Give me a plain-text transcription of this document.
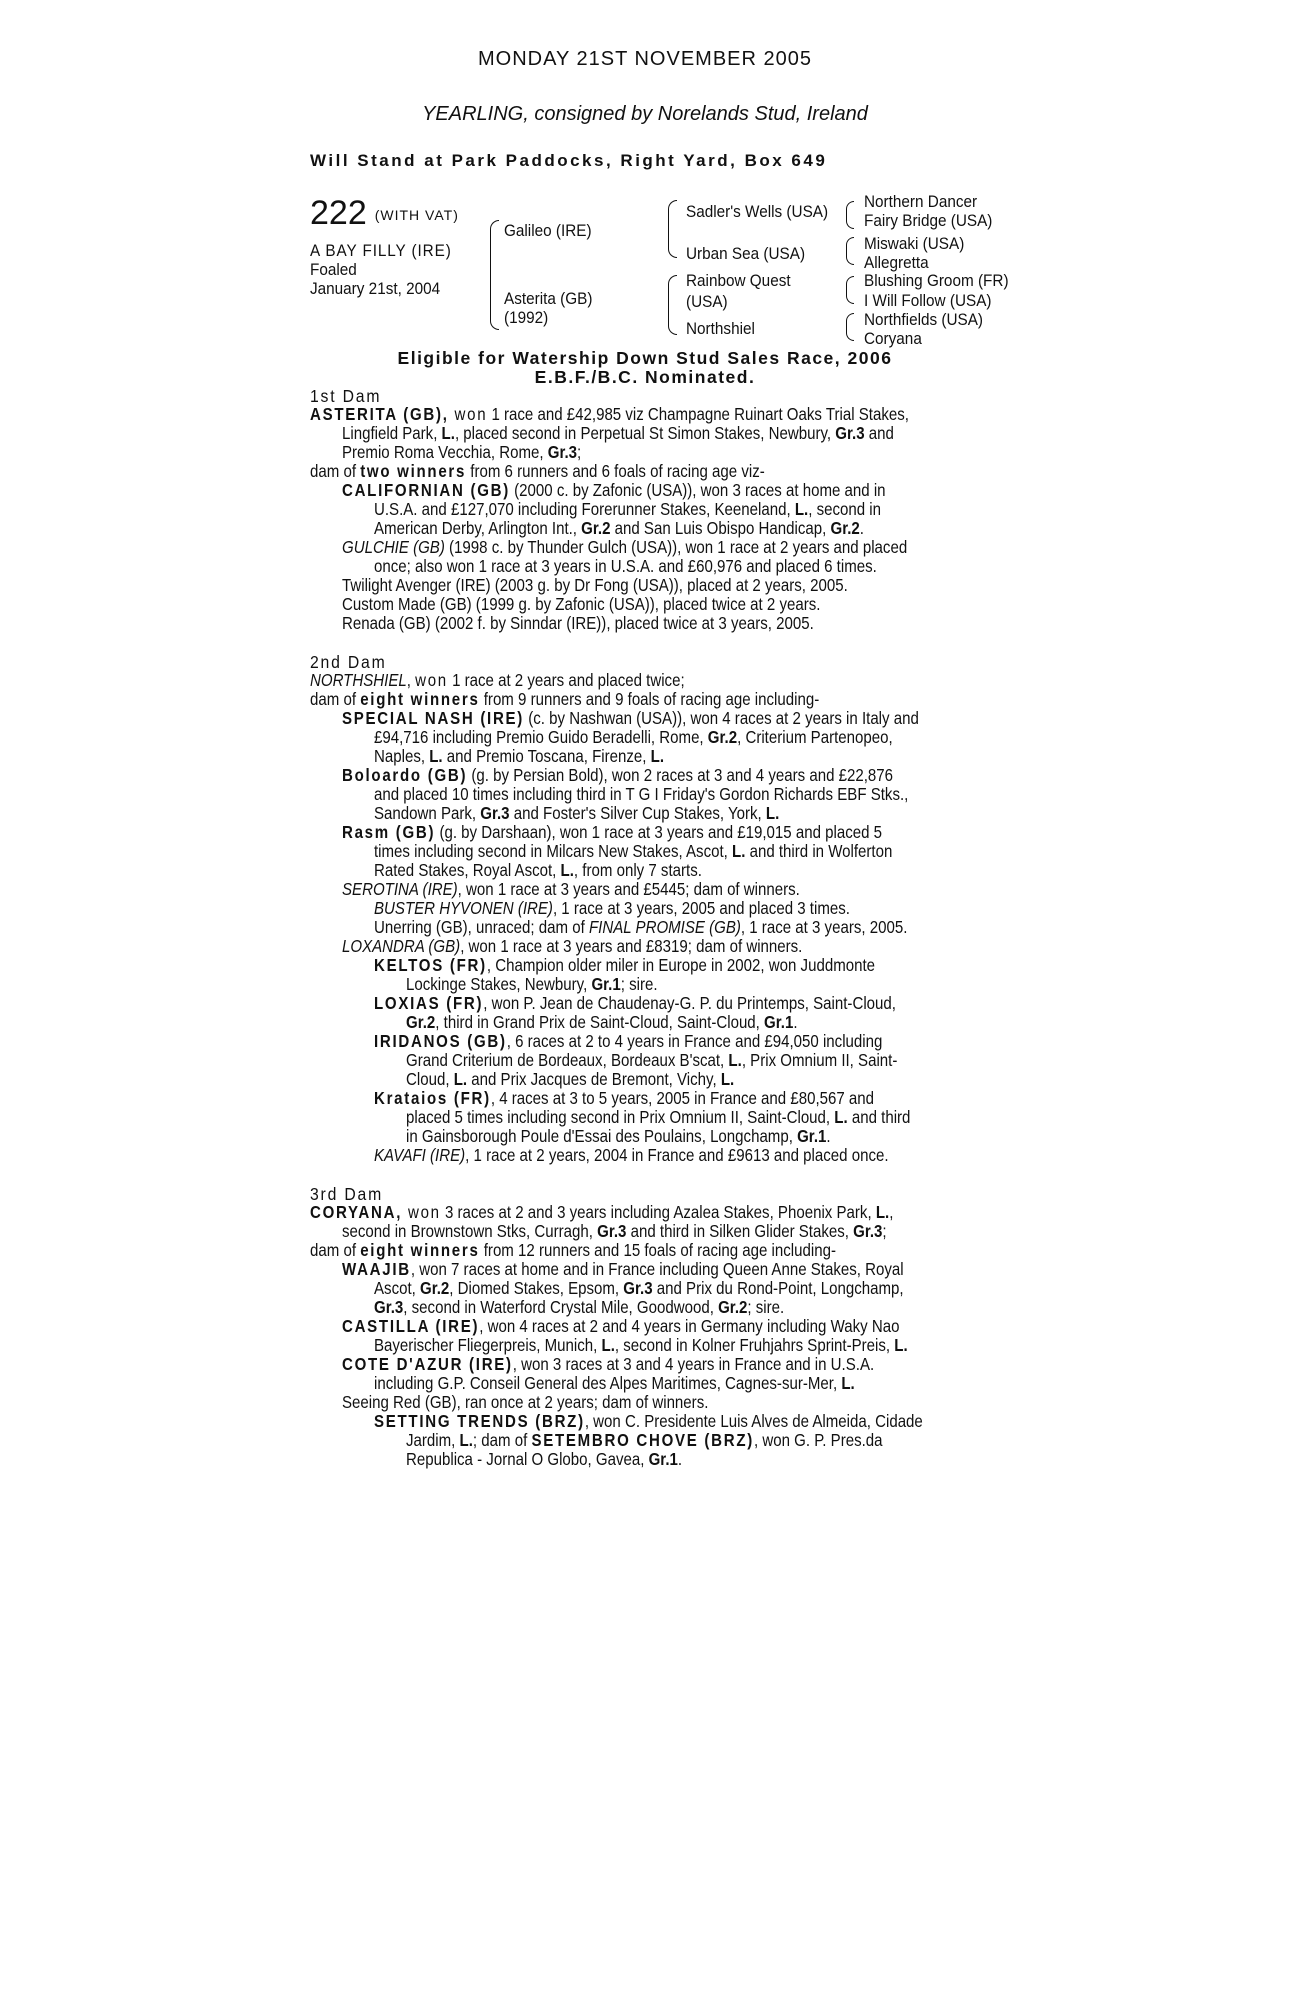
MONDAY 21ST NOVEMBER 2005
YEARLING, consigned by Norelands Stud, Ireland
Will Stand at Park Paddocks, Right Yard, Box 649
222 (WITH VAT)
A BAY FILLY (IRE)
Foaled
January 21st, 2004
Galileo (IRE)
Asterita (GB)
(1992)
Sadler's Wells (USA)
Urban Sea (USA)
Rainbow Quest
(USA)
Northshiel
Northern Dancer
Fairy Bridge (USA)
Miswaki (USA)
Allegretta
Blushing Groom (FR)
I Will Follow (USA)
Northfields (USA)
Coryana
Eligible for Watership Down Stud Sales Race, 2006
E.B.F./B.C. Nominated.
1st Dam
ASTERITA (GB), won 1 race and £42,985 viz Champagne Ruinart Oaks Trial Stakes,
Lingfield Park, L., placed second in Perpetual St Simon Stakes, Newbury, Gr.3 and
Premio Roma Vecchia, Rome, Gr.3;
dam of two winners from 6 runners and 6 foals of racing age viz-
CALIFORNIAN (GB) (2000 c. by Zafonic (USA)), won 3 races at home and in
U.S.A. and £127,070 including Forerunner Stakes, Keeneland, L., second in
American Derby, Arlington Int., Gr.2 and San Luis Obispo Handicap, Gr.2.
GULCHIE (GB) (1998 c. by Thunder Gulch (USA)), won 1 race at 2 years and placed
once; also won 1 race at 3 years in U.S.A. and £60,976 and placed 6 times.
Twilight Avenger (IRE) (2003 g. by Dr Fong (USA)), placed at 2 years, 2005.
Custom Made (GB) (1999 g. by Zafonic (USA)), placed twice at 2 years.
Renada (GB) (2002 f. by Sinndar (IRE)), placed twice at 3 years, 2005.
2nd Dam
NORTHSHIEL, won 1 race at 2 years and placed twice;
dam of eight winners from 9 runners and 9 foals of racing age including-
SPECIAL NASH (IRE) (c. by Nashwan (USA)), won 4 races at 2 years in Italy and
£94,716 including Premio Guido Beradelli, Rome, Gr.2, Criterium Partenopeo,
Naples, L. and Premio Toscana, Firenze, L.
Boloardo (GB) (g. by Persian Bold), won 2 races at 3 and 4 years and £22,876
and placed 10 times including third in T G I Friday's Gordon Richards EBF Stks.,
Sandown Park, Gr.3 and Foster's Silver Cup Stakes, York, L.
Rasm (GB) (g. by Darshaan), won 1 race at 3 years and £19,015 and placed 5
times including second in Milcars New Stakes, Ascot, L. and third in Wolferton
Rated Stakes, Royal Ascot, L., from only 7 starts.
SEROTINA (IRE), won 1 race at 3 years and £5445; dam of winners.
BUSTER HYVONEN (IRE), 1 race at 3 years, 2005 and placed 3 times.
Unerring (GB), unraced; dam of FINAL PROMISE (GB), 1 race at 3 years, 2005.
LOXANDRA (GB), won 1 race at 3 years and £8319; dam of winners.
KELTOS (FR), Champion older miler in Europe in 2002, won Juddmonte
Lockinge Stakes, Newbury, Gr.1; sire.
LOXIAS (FR), won P. Jean de Chaudenay-G. P. du Printemps, Saint-Cloud,
Gr.2, third in Grand Prix de Saint-Cloud, Saint-Cloud, Gr.1.
IRIDANOS (GB), 6 races at 2 to 4 years in France and £94,050 including
Grand Criterium de Bordeaux, Bordeaux B'scat, L., Prix Omnium II, Saint-
Cloud, L. and Prix Jacques de Bremont, Vichy, L.
Krataios (FR), 4 races at 3 to 5 years, 2005 in France and £80,567 and
placed 5 times including second in Prix Omnium II, Saint-Cloud, L. and third
in Gainsborough Poule d'Essai des Poulains, Longchamp, Gr.1.
KAVAFI (IRE), 1 race at 2 years, 2004 in France and £9613 and placed once.
3rd Dam
CORYANA, won 3 races at 2 and 3 years including Azalea Stakes, Phoenix Park, L.,
second in Brownstown Stks, Curragh, Gr.3 and third in Silken Glider Stakes, Gr.3;
dam of eight winners from 12 runners and 15 foals of racing age including-
WAAJIB, won 7 races at home and in France including Queen Anne Stakes, Royal
Ascot, Gr.2, Diomed Stakes, Epsom, Gr.3 and Prix du Rond-Point, Longchamp,
Gr.3, second in Waterford Crystal Mile, Goodwood, Gr.2; sire.
CASTILLA (IRE), won 4 races at 2 and 4 years in Germany including Waky Nao
Bayerischer Fliegerpreis, Munich, L., second in Kolner Fruhjahrs Sprint-Preis, L.
COTE D'AZUR (IRE), won 3 races at 3 and 4 years in France and in U.S.A.
including G.P. Conseil General des Alpes Maritimes, Cagnes-sur-Mer, L.
Seeing Red (GB), ran once at 2 years; dam of winners.
SETTING TRENDS (BRZ), won C. Presidente Luis Alves de Almeida, Cidade
Jardim, L.; dam of SETEMBRO CHOVE (BRZ), won G. P. Pres.da
Republica - Jornal O Globo, Gavea, Gr.1.
